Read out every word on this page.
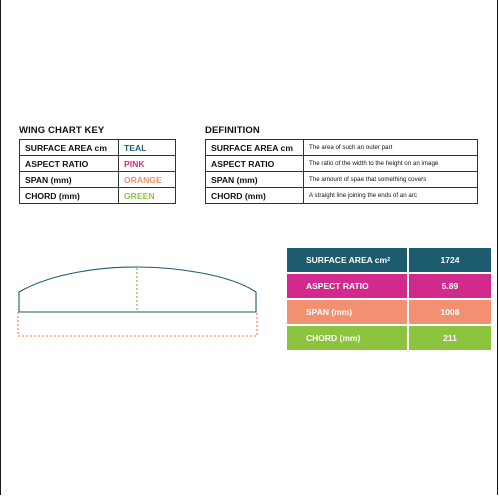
WING CHART KEY
SURFACE AREA cm	TEAL
ASPECT RATIO	PINK
SPAN (mm)	ORANGE
CHORD (mm)	GREEN
DEFINITION
SURFACE AREA cm	The area of such an outer part
ASPECT RATIO	The ratio of the width to the height on an image
SPAN (mm)	The amount of spae that something covers
CHORD (mm)	A straight line joining the ends of an arc
SURFACE AREA cm 2	1724
ASPECT RATIO	5.89
SPAN (mm)	1008
CHORD (mm)	211
